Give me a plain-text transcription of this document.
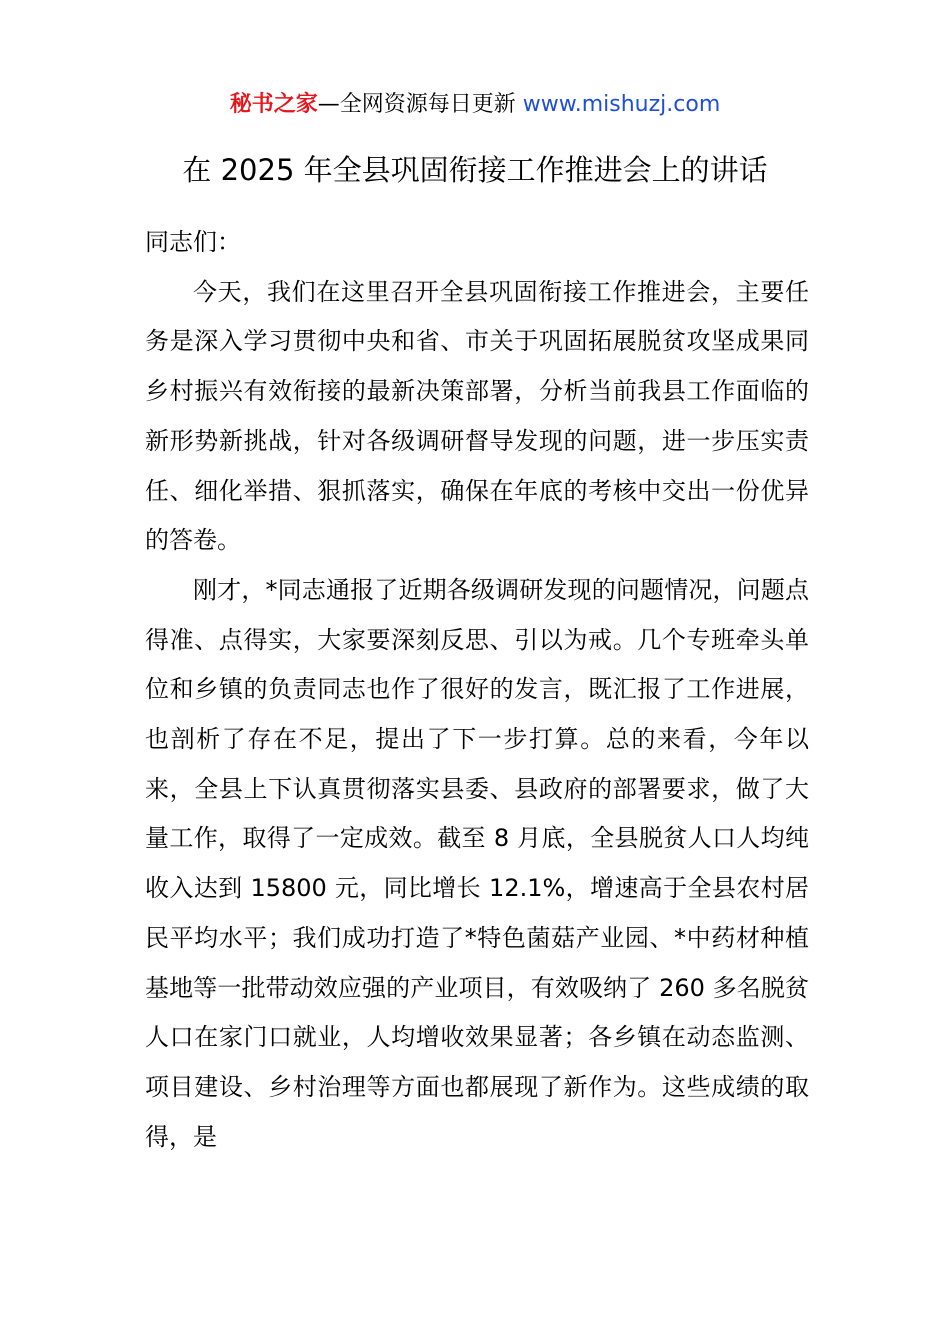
秘书之家—全网资源每日更新 www.mishuzj.com
在 2025 年全县巩固衔接工作推进会上的讲话

同志们：

今天，我们在这里召开全县巩固衔接工作推进会，主要任务是深入学习贯彻中央和省、市关于巩固拓展脱贫攻坚成果同乡村振兴有效衔接的最新决策部署，分析当前我县工作面临的新形势新挑战，针对各级调研督导发现的问题，进一步压实责任、细化举措、狠抓落实，确保在年底的考核中交出一份优异的答卷。

刚才，*同志通报了近期各级调研发现的问题情况，问题点得准、点得实，大家要深刻反思、引以为戒。几个专班牵头单位和乡镇的负责同志也作了很好的发言，既汇报了工作进展，也剖析了存在不足，提出了下一步打算。总的来看，今年以来，全县上下认真贯彻落实县委、县政府的部署要求，做了大量工作，取得了一定成效。截至 8 月底，全县脱贫人口人均纯收入达到 15800 元，同比增长 12.1%，增速高于全县农村居民平均水平；我们成功打造了*特色菌菇产业园、*中药材种植基地等一批带动效应强的产业项目，有效吸纳了 260 多名脱贫人口在家门口就业，人均增收效果显著；各乡镇在动态监测、项目建设、乡村治理等方面也都展现了新作为。这些成绩的取得，是
